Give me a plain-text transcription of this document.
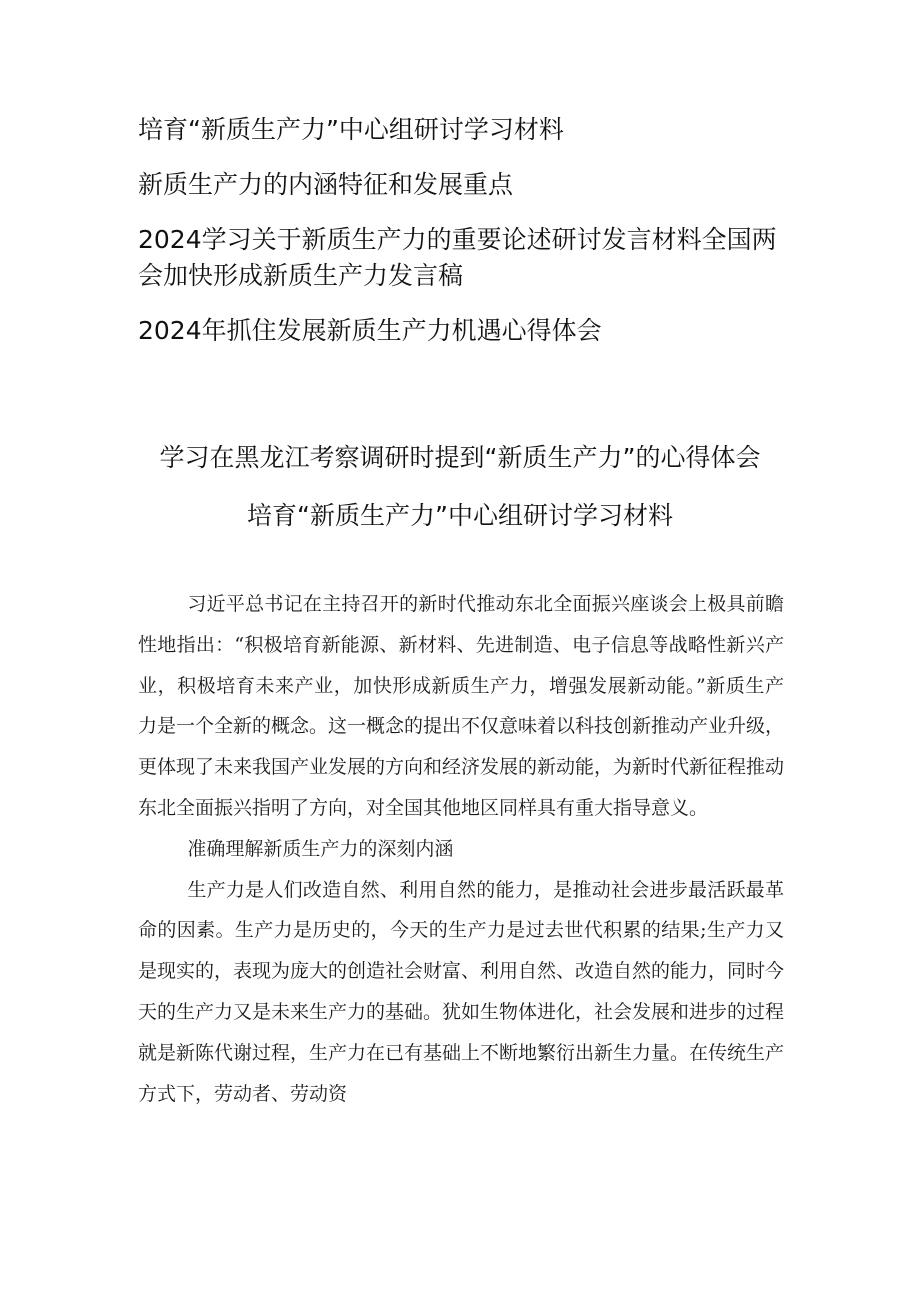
培育“新质生产力”中心组研讨学习材料

新质生产力的内涵特征和发展重点

2024学习关于新质生产力的重要论述研讨发言材料全国两会加快形成新质生产力发言稿

2024年抓住发展新质生产力机遇心得体会

学习在黑龙江考察调研时提到“新质生产力”的心得体会

培育“新质生产力”中心组研讨学习材料

习近平总书记在主持召开的新时代推动东北全面振兴座谈会上极具前瞻性地指出：“积极培育新能源、新材料、先进制造、电子信息等战略性新兴产业，积极培育未来产业，加快形成新质生产力，增强发展新动能。”新质生产力是一个全新的概念。这一概念的提出不仅意味着以科技创新推动产业升级，更体现了未来我国产业发展的方向和经济发展的新动能，为新时代新征程推动东北全面振兴指明了方向，对全国其他地区同样具有重大指导意义。

准确理解新质生产力的深刻内涵

生产力是人们改造自然、利用自然的能力，是推动社会进步最活跃最革命的因素。生产力是历史的，今天的生产力是过去世代积累的结果;生产力又是现实的，表现为庞大的创造社会财富、利用自然、改造自然的能力，同时今天的生产力又是未来生产力的基础。犹如生物体进化，社会发展和进步的过程就是新陈代谢过程，生产力在已有基础上不断地繁衍出新生力量。在传统生产方式下，劳动者、劳动资
